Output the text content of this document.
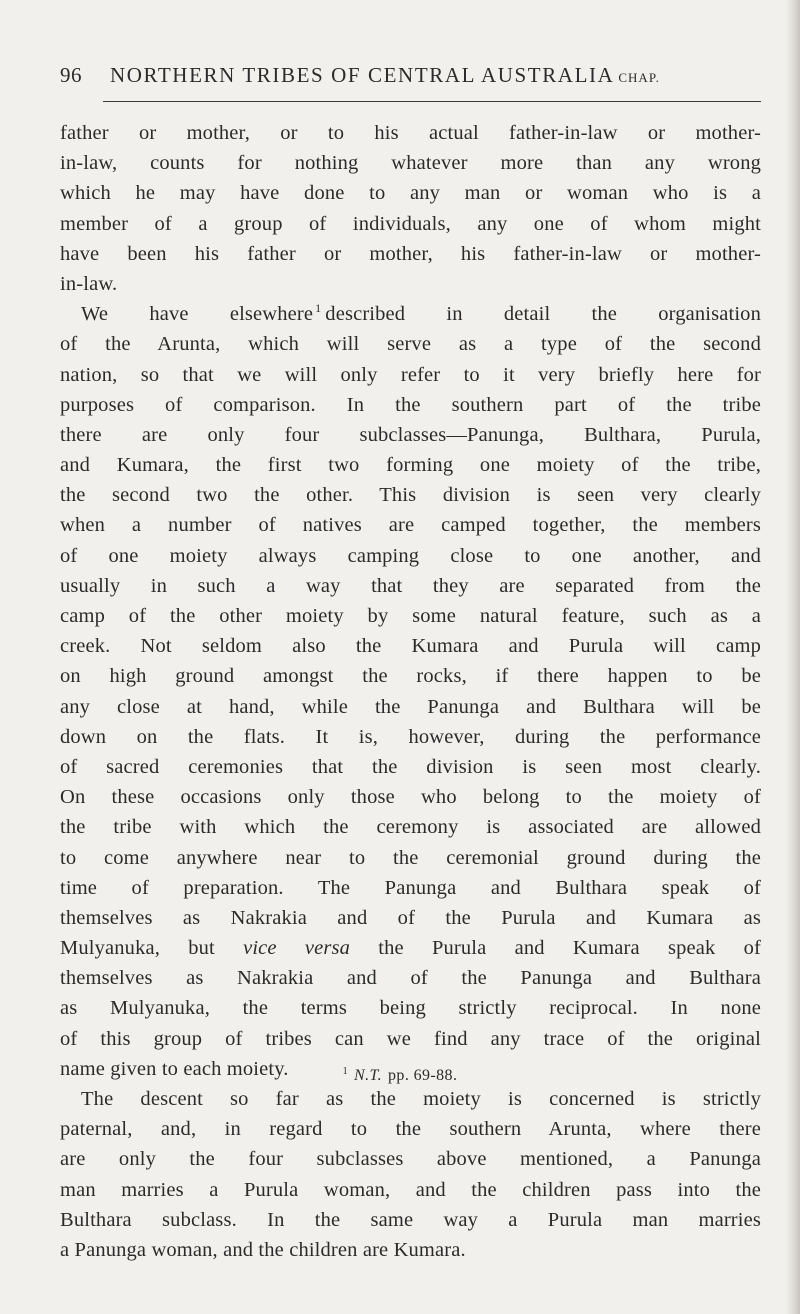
96 NORTHERN TRIBES OF CENTRAL AUSTRALIA CHAP.
father or mother, or to his actual father-in-law or mother-
in-law, counts for nothing whatever more than any wrong
which he may have done to any man or woman who is a
member of a group of individuals, any one of whom might
have been his father or mother, his father-in-law or mother-
in-law.
We have elsewhere $^1$ described in detail the organisation
of the Arunta, which will serve as a type of the second
nation, so that we will only refer to it very briefly here for
purposes of comparison. In the southern part of the tribe
there are only four subclasses—Panunga, Bulthara, Purula,
and Kumara, the first two forming one moiety of the tribe,
the second two the other. This division is seen very clearly
when a number of natives are camped together, the members
of one moiety always camping close to one another, and
usually in such a way that they are separated from the
camp of the other moiety by some natural feature, such as a
creek. Not seldom also the Kumara and Purula will camp
on high ground amongst the rocks, if there happen to be
any close at hand, while the Panunga and Bulthara will be
down on the flats. It is, however, during the performance
of sacred ceremonies that the division is seen most clearly.
On these occasions only those who belong to the moiety of
the tribe with which the ceremony is associated are allowed
to come anywhere near to the ceremonial ground during the
time of preparation. The Panunga and Bulthara speak of
themselves as Nakrakia and of the Purula and Kumara as
Mulyanuka, but vice versa the Purula and Kumara speak of
themselves as Nakrakia and of the Panunga and Bulthara
as Mulyanuka, the terms being strictly reciprocal. In none
of this group of tribes can we find any trace of the original
name given to each moiety.
The descent so far as the moiety is concerned is strictly
paternal, and, in regard to the southern Arunta, where there
are only the four subclasses above mentioned, a Panunga
man marries a Purula woman, and the children pass into the
Bulthara subclass. In the same way a Purula man marries
a Panunga woman, and the children are Kumara.
$^1$ N.T. pp. 69-88.
